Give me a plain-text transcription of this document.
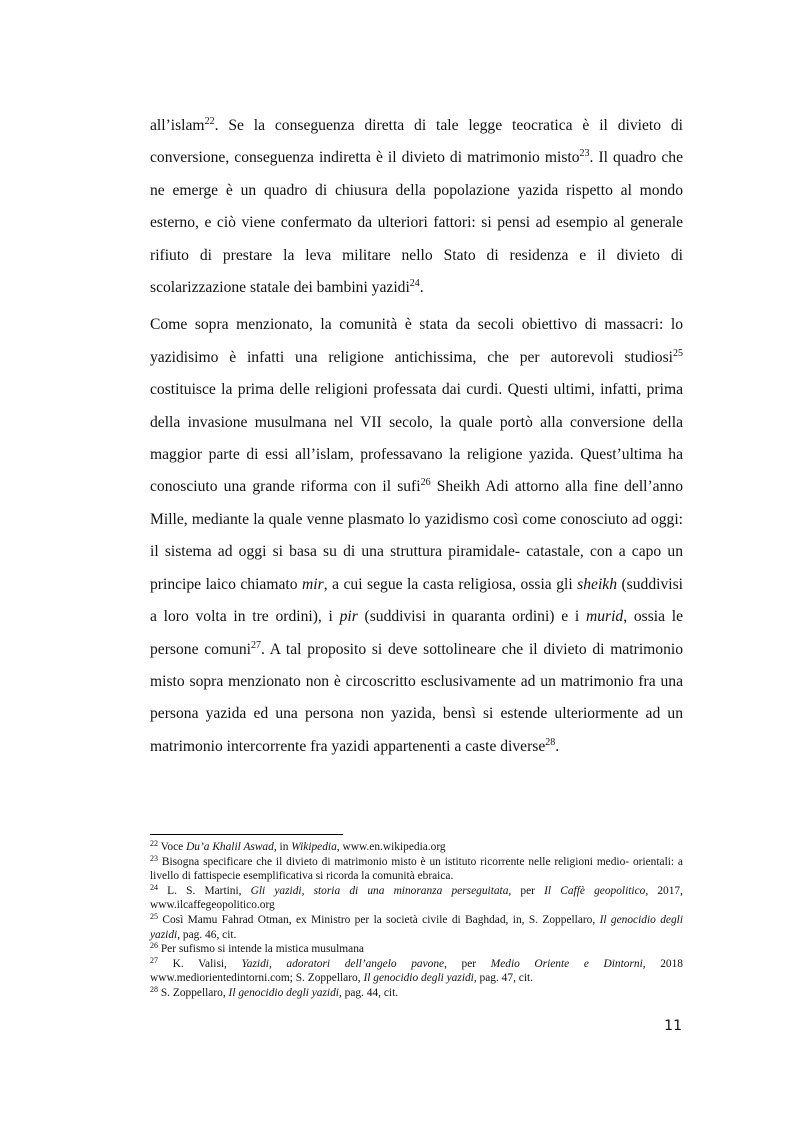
all’islam$^{22}$. Se la conseguenza diretta di tale legge teocratica è il divieto di conversione, conseguenza indiretta è il divieto di matrimonio misto$^{23}$. Il quadro che ne emerge è un quadro di chiusura della popolazione yazida rispetto al mondo esterno, e ciò viene confermato da ulteriori fattori: si pensi ad esempio al generale rifiuto di prestare la leva militare nello Stato di residenza e il divieto di scolarizzazione statale dei bambini yazidi$^{24}$.

Come sopra menzionato, la comunità è stata da secoli obiettivo di massacri: lo yazidisimo è infatti una religione antichissima, che per autorevoli studiosi$^{25}$ costituisce la prima delle religioni professata dai curdi. Questi ultimi, infatti, prima della invasione musulmana nel VII secolo, la quale portò alla conversione della maggior parte di essi all’islam, professavano la religione yazida. Quest’ultima ha conosciuto una grande riforma con il sufi$^{26}$ Sheikh Adi attorno alla fine dell’anno Mille, mediante la quale venne plasmato lo yazidismo così come conosciuto ad oggi: il sistema ad oggi si basa su di una struttura piramidale- catastale, con a capo un principe laico chiamato mir, a cui segue la casta religiosa, ossia gli sheikh (suddivisi a loro volta in tre ordini), i pir (suddivisi in quaranta ordini) e i murid, ossia le persone comuni$^{27}$. A tal proposito si deve sottolineare che il divieto di matrimonio misto sopra menzionato non è circoscritto esclusivamente ad un matrimonio fra una persona yazida ed una persona non yazida, bensì si estende ulteriormente ad un matrimonio intercorrente fra yazidi appartenenti a caste diverse$^{28}$.

$^{22}$ Voce Du’a Khalil Aswad, in Wikipedia, www.en.wikipedia.org

$^{23}$ Bisogna specificare che il divieto di matrimonio misto è un istituto ricorrente nelle religioni medio- orientali: a livello di fattispecie esemplificativa si ricorda la comunità ebraica.

$^{24}$ L. S. Martini, Gli yazidi, storia di una minoranza perseguitata, per Il Caffè geopolitico, 2017, www.ilcaffegeopolitico.org

$^{25}$ Così Mamu Fahrad Otman, ex Ministro per la società civile di Baghdad, in, S. Zoppellaro, Il genocidio degli yazidi, pag. 46, cit.

$^{26}$ Per sufismo si intende la mistica musulmana

$^{27}$ K. Valisi, Yazidi, adoratori dell’angelo pavone, per Medio Oriente e Dintorni, 2018 www.mediorientedintorni.com; S. Zoppellaro, Il genocidio degli yazidi, pag. 47, cit.

$^{28}$ S. Zoppellaro, Il genocidio degli yazidi, pag. 44, cit.

11
